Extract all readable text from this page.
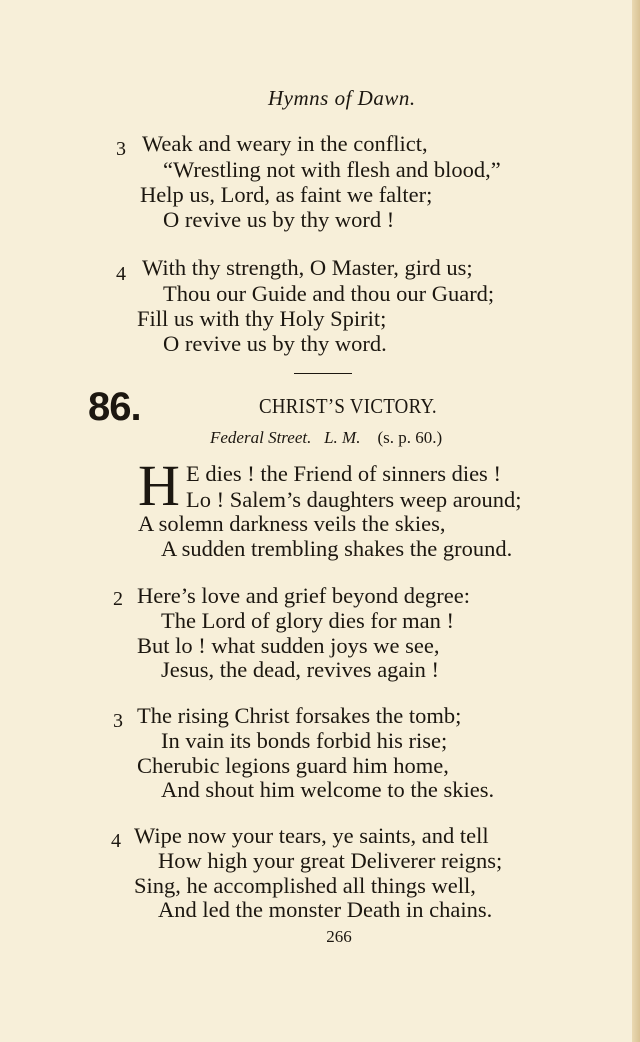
Hymns of Dawn.
3 Weak and weary in the conflict,
“Wrestling not with flesh and blood,”
Help us, Lord, as faint we falter;
O revive us by thy word !
4 With thy strength, O Master, gird us;
Thou our Guide and thou our Guard;
Fill us with thy Holy Spirit;
O revive us by thy word.
86.	CHRIST’S VICTORY.
Federal Street. L. M. (s. p. 60.)
H E dies ! the Friend of sinners dies !
Lo ! Salem’s daughters weep around;
A solemn darkness veils the skies,
A sudden trembling shakes the ground.
2 Here’s love and grief beyond degree:
The Lord of glory dies for man !
But lo ! what sudden joys we see,
Jesus, the dead, revives again !
3 The rising Christ forsakes the tomb;
In vain its bonds forbid his rise;
Cherubic legions guard him home,
And shout him welcome to the skies.
4 Wipe now your tears, ye saints, and tell
How high your great Deliverer reigns;
Sing, he accomplished all things well,
And led the monster Death in chains.
266
